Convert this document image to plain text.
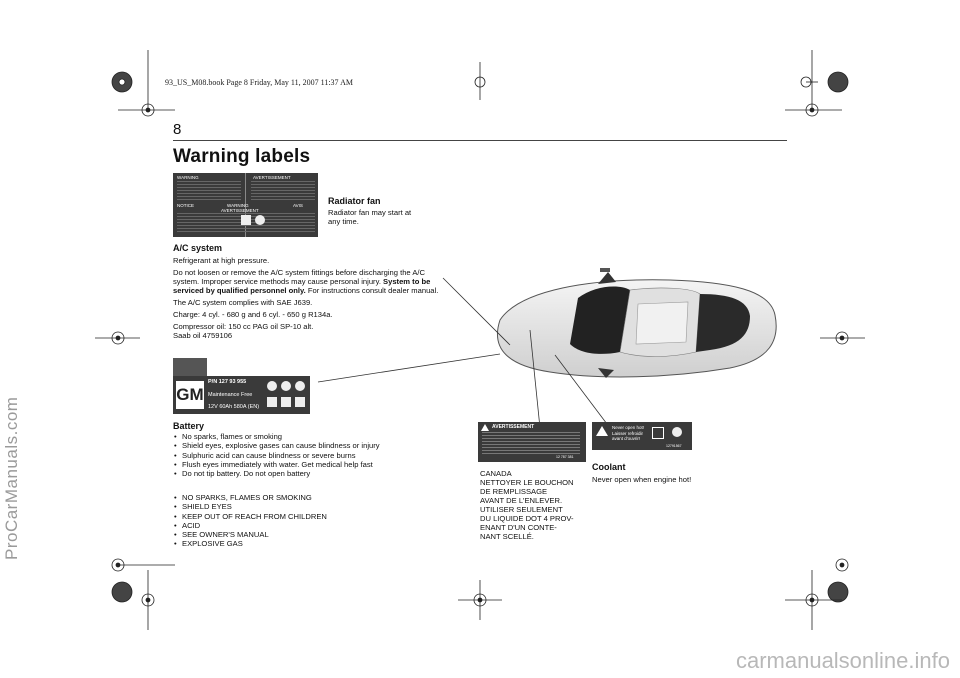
93_US_M08.book Page 8 Friday, May 11, 2007 11:37 AM
8
Warning labels
WARNING	AVERTISSEMENT
NOTICE	AVIS
WARNING
AVERTISSEMENT
Radiator fan
Radiator fan may start at any time.
A/C system

Refrigerant at high pressure.

Do not loosen or remove the A/C system fittings before discharging the A/C system. Improper service methods may cause personal injury. System to be serviced by qualified personnel only. For instructions consult dealer manual.

The A/C system complies with SAE J639.

Charge: 4 cyl. - 680 g and 6 cyl. - 650 g R134a.

Compressor oil: 150 cc PAG oil SP-10 alt.

Saab oil 4759106

GM
P/N 127 93 955
Maintenance Free
12V 60Ah 580A (EN)
Battery
• No sparks, flames or smoking
• Shield eyes, explosive gases can cause blindness or injury
• Sulphuric acid can cause blindness or severe burns
• Flush eyes immediately with water. Get medical help fast
• Do not tip battery. Do not open battery
• NO SPARKS, FLAMES OR SMOKING
• SHIELD EYES
• KEEP OUT OF REACH FROM CHILDREN
• ACID
• SEE OWNER'S MANUAL
• EXPLOSIVE GAS
AVERTISSEMENT
12 787 381
CANADA
NETTOYER LE BOUCHON
DE REMPLISSAGE
AVANT DE L'ENLEVER.
UTILISER SEULEMENT
DU LIQUIDE DOT 4 PROV-
ENANT D'UN CONTE-
NANT SCELLÉ.
Never open hot!
Laisser refroidir
avant d'ouvrir!
12791567
Coolant
Never open when engine hot!
ProCarManuals.com
carmanualsonline.info
